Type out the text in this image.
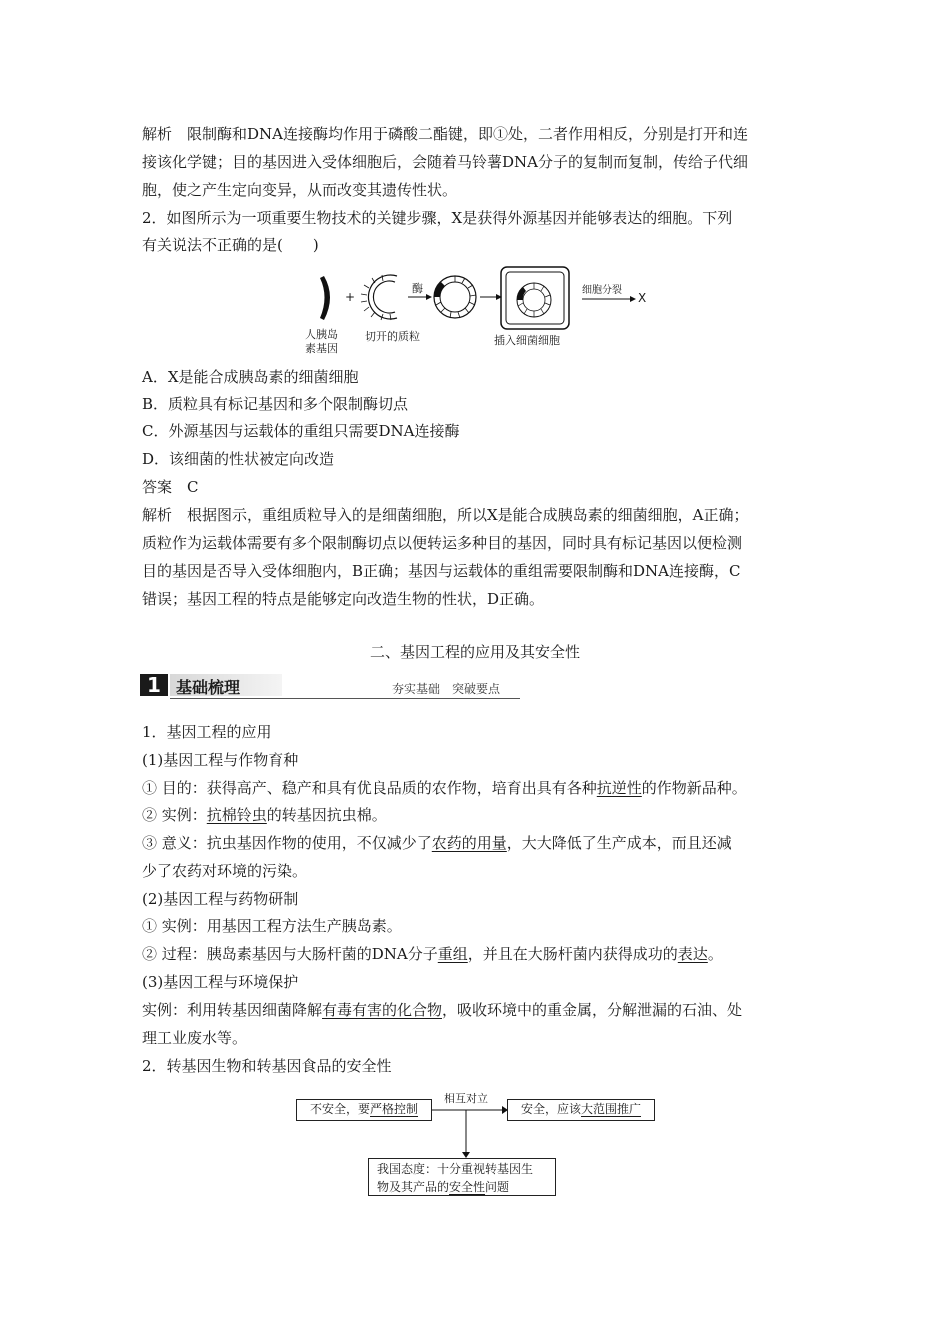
解析　限制酶和DNA连接酶均作用于磷酸二酯键，即①处，二者作用相反，分别是打开和连
接该化学键；目的基因进入受体细胞后，会随着马铃薯DNA分子的复制而复制，传给子代细
胞，使之产生定向变异，从而改变其遗传性状。
2．如图所示为一项重要生物技术的关键步骤，X是获得外源基因并能够表达的细胞。下列
有关说法不正确的是(　　)
人胰岛
素基因
+
切开的质粒
酶
插入细菌细胞
细胞分裂
X
A．X是能合成胰岛素的细菌细胞
B．质粒具有标记基因和多个限制酶切点
C．外源基因与运载体的重组只需要DNA连接酶
D．该细菌的性状被定向改造
答案　C
解析　根据图示，重组质粒导入的是细菌细胞，所以X是能合成胰岛素的细菌细胞，A正确；
质粒作为运载体需要有多个限制酶切点以便转运多种目的基因，同时具有标记基因以便检测
目的基因是否导入受体细胞内，B正确；基因与运载体的重组需要限制酶和DNA连接酶，C
错误；基因工程的特点是能够定向改造生物的性状，D正确。
二、基因工程的应用及其安全性
1 基础梳理	夯实基础　突破要点
1．基因工程的应用
(1)基因工程与作物育种
① 目的：获得高产、稳产和具有优良品质的农作物，培育出具有各种抗逆性的作物新品种。
② 实例：抗棉铃虫的转基因抗虫棉。
③ 意义：抗虫基因作物的使用，不仅减少了农药的用量，大大降低了生产成本，而且还减
少了农药对环境的污染。
(2)基因工程与药物研制
① 实例：用基因工程方法生产胰岛素。
② 过程：胰岛素基因与大肠杆菌的DNA分子重组，并且在大肠杆菌内获得成功的表达。
(3)基因工程与环境保护
实例：利用转基因细菌降解有毒有害的化合物，吸收环境中的重金属，分解泄漏的石油、处
理工业废水等。
2．转基因生物和转基因食品的安全性
不安全，要严格控制
相互对立
安全，应该大范围推广
我国态度：十分重视转基因生
物及其产品的安全性问题
